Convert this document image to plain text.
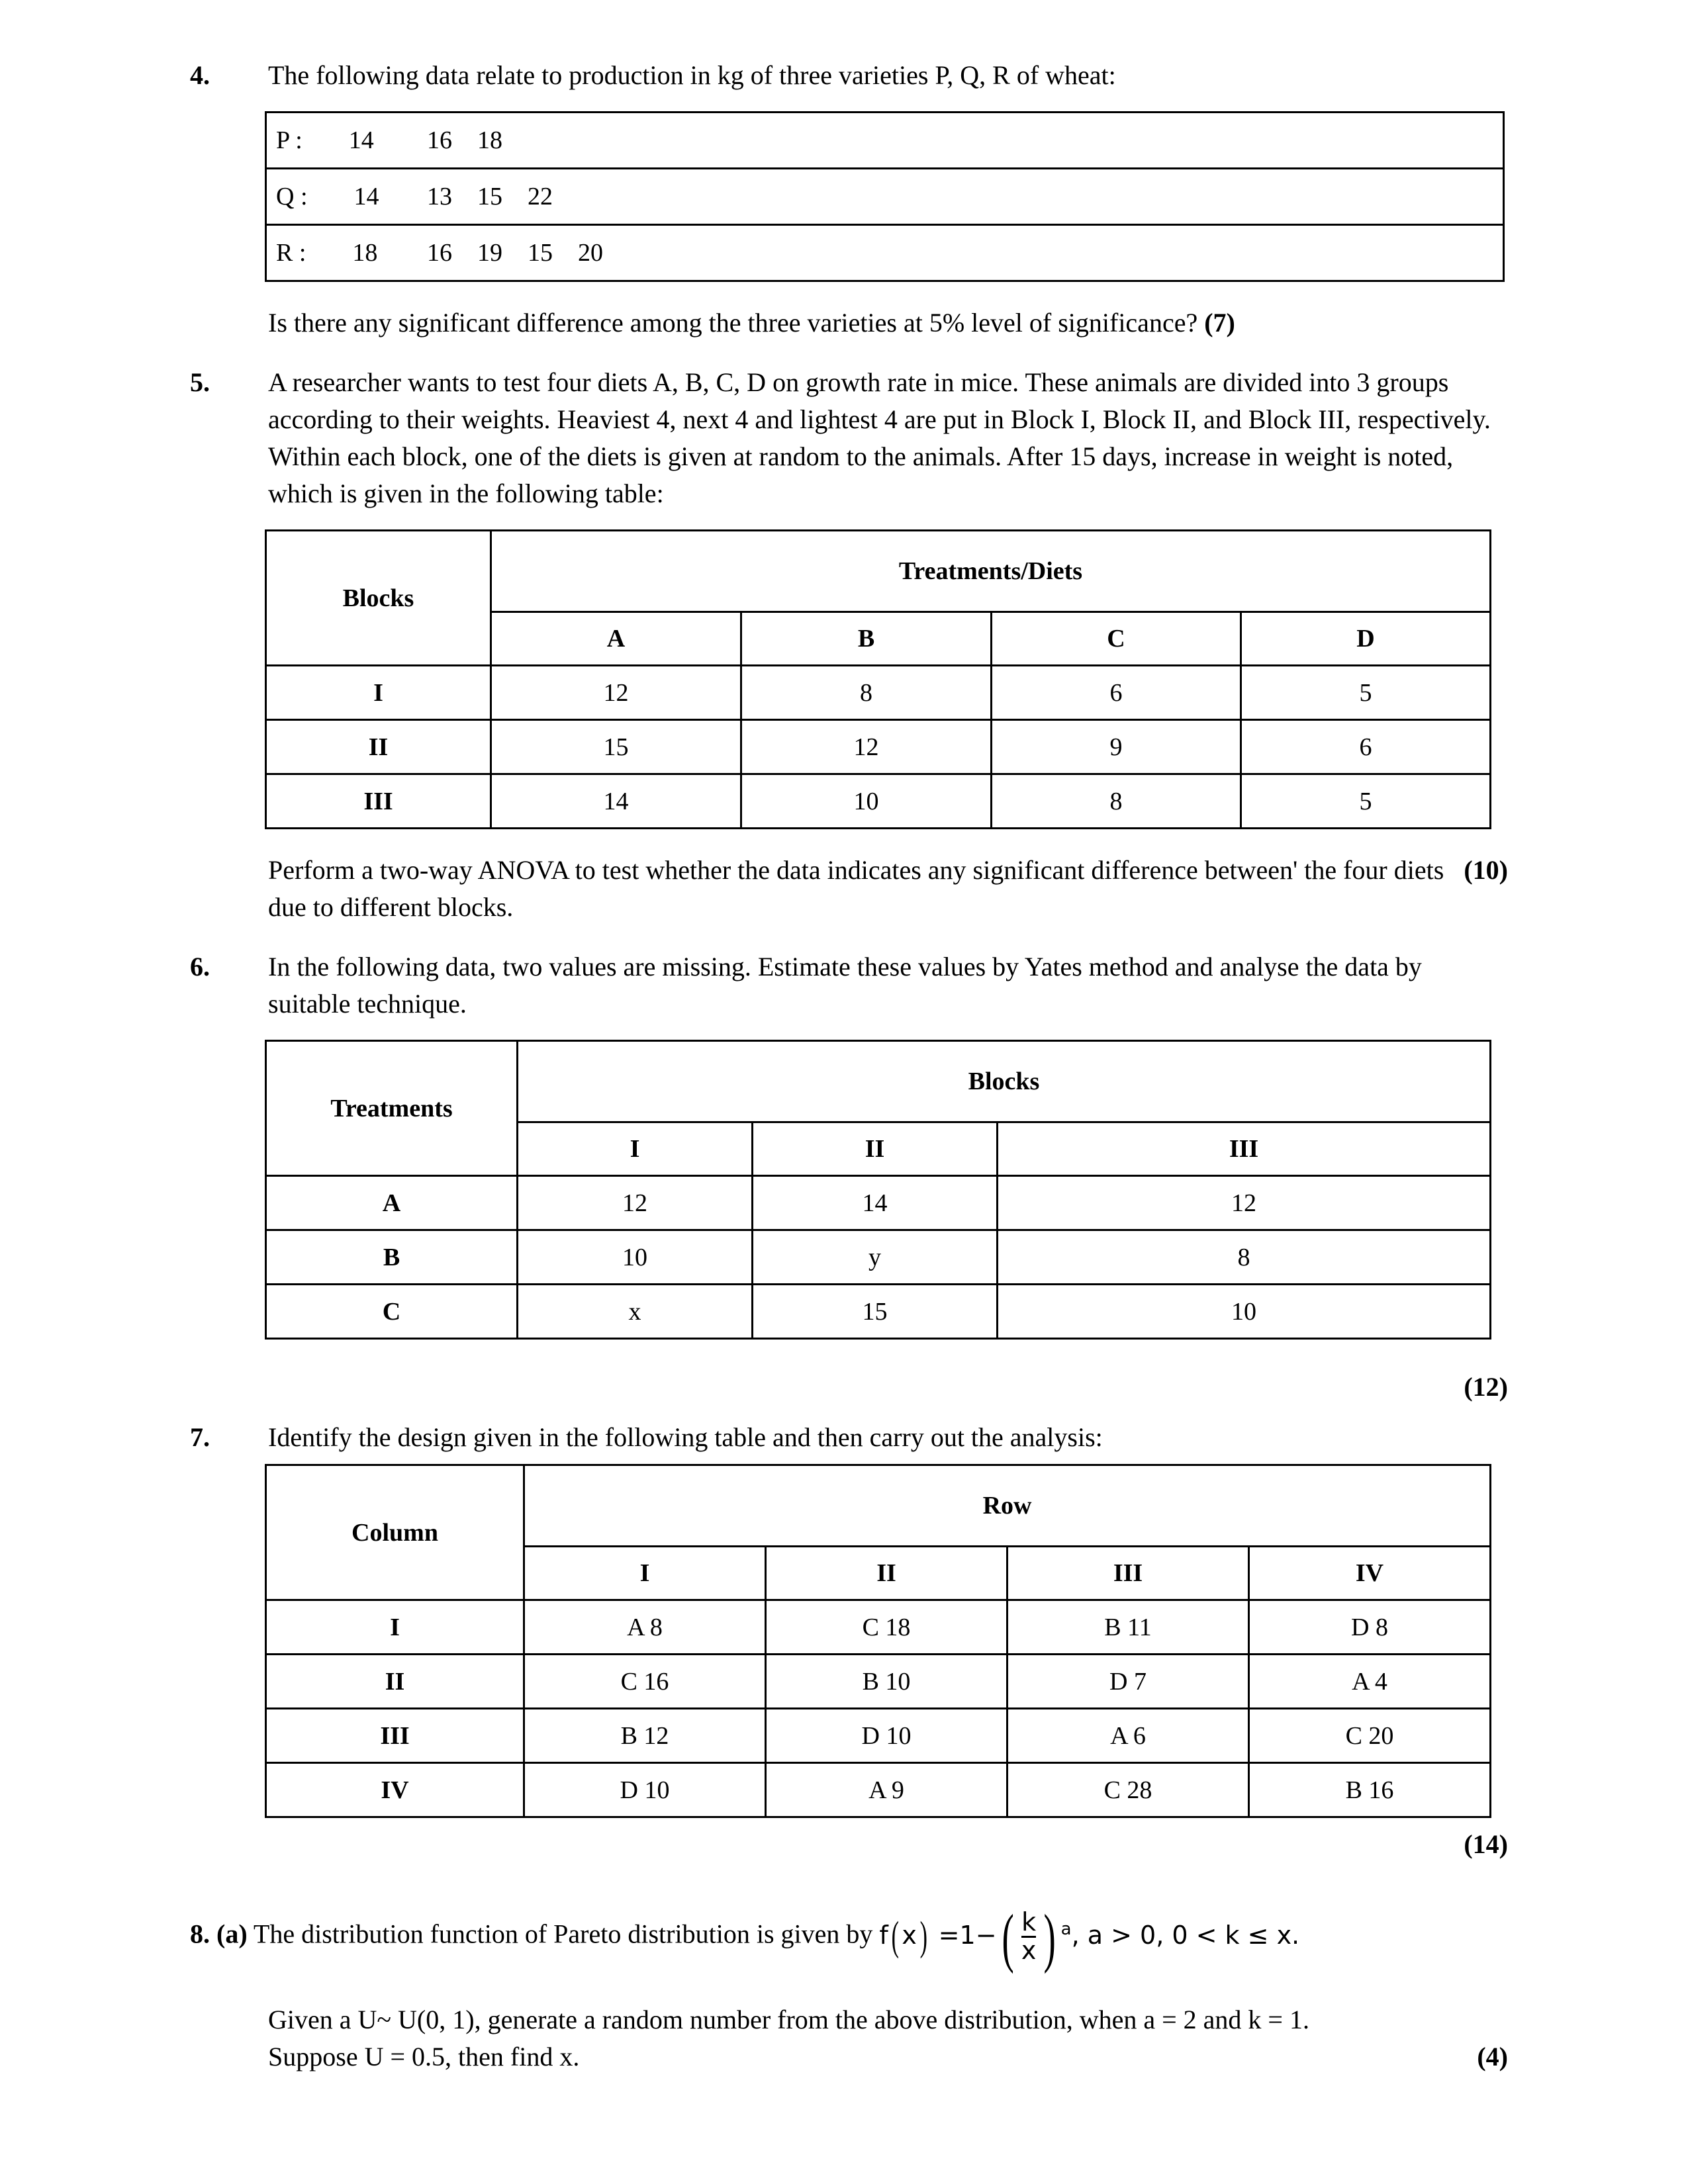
4.	The following data relate to production in kg of three varieties P, Q, R of wheat:
P : 14	16	18
Q : 14	13	15	22
R : 18	16	19	15	20
Is there any significant difference among the three varieties at 5% level of significance? (7)
5.	A researcher wants to test four diets A, B, C, D on growth rate in mice. These animals are divided into 3 groups according to their weights. Heaviest 4, next 4 and lightest 4 are put in Block I, Block II, and Block III, respectively. Within each block, one of the diets is given at random to the animals. After 15 days, increase in weight is noted, which is given in the following table:
Blocks	Treatments/Diets			
	A	B	C	D
I	12	8	6	5
II	15	12	9	6
III	14	10	8	5
(10)
Perform a two-way ANOVA to test whether the data indicates any significant difference between' the four diets due to different blocks.
6.	In the following data, two values are missing. Estimate these values by Yates method and analyse the data by suitable technique.
Treatments	Blocks		
	I	II	III
A	12	14	12
B	10	y	8
C	x	15	10
(12)
7.	Identify the design given in the following table and then carry out the analysis:
Column	Row			
	I	II	III	IV
I	A 8	C 18	B 11	D 8
II	C 16	B 10	D 7	A 4
III	B 12	D 10	A 6	C 20
IV	D 10	A 9	C 28	B 16
(14)
8. (a) The distribution function of Pareto distribution is given by f( $x) =1-( \frac{k}{x}$ ) $^a$, a > 0, 0 < k ≤ x.
Given a U~ U(0, 1), generate a random number from the above distribution, when a = 2 and k = 1.
(4)
Suppose U = 0.5, then find x.
